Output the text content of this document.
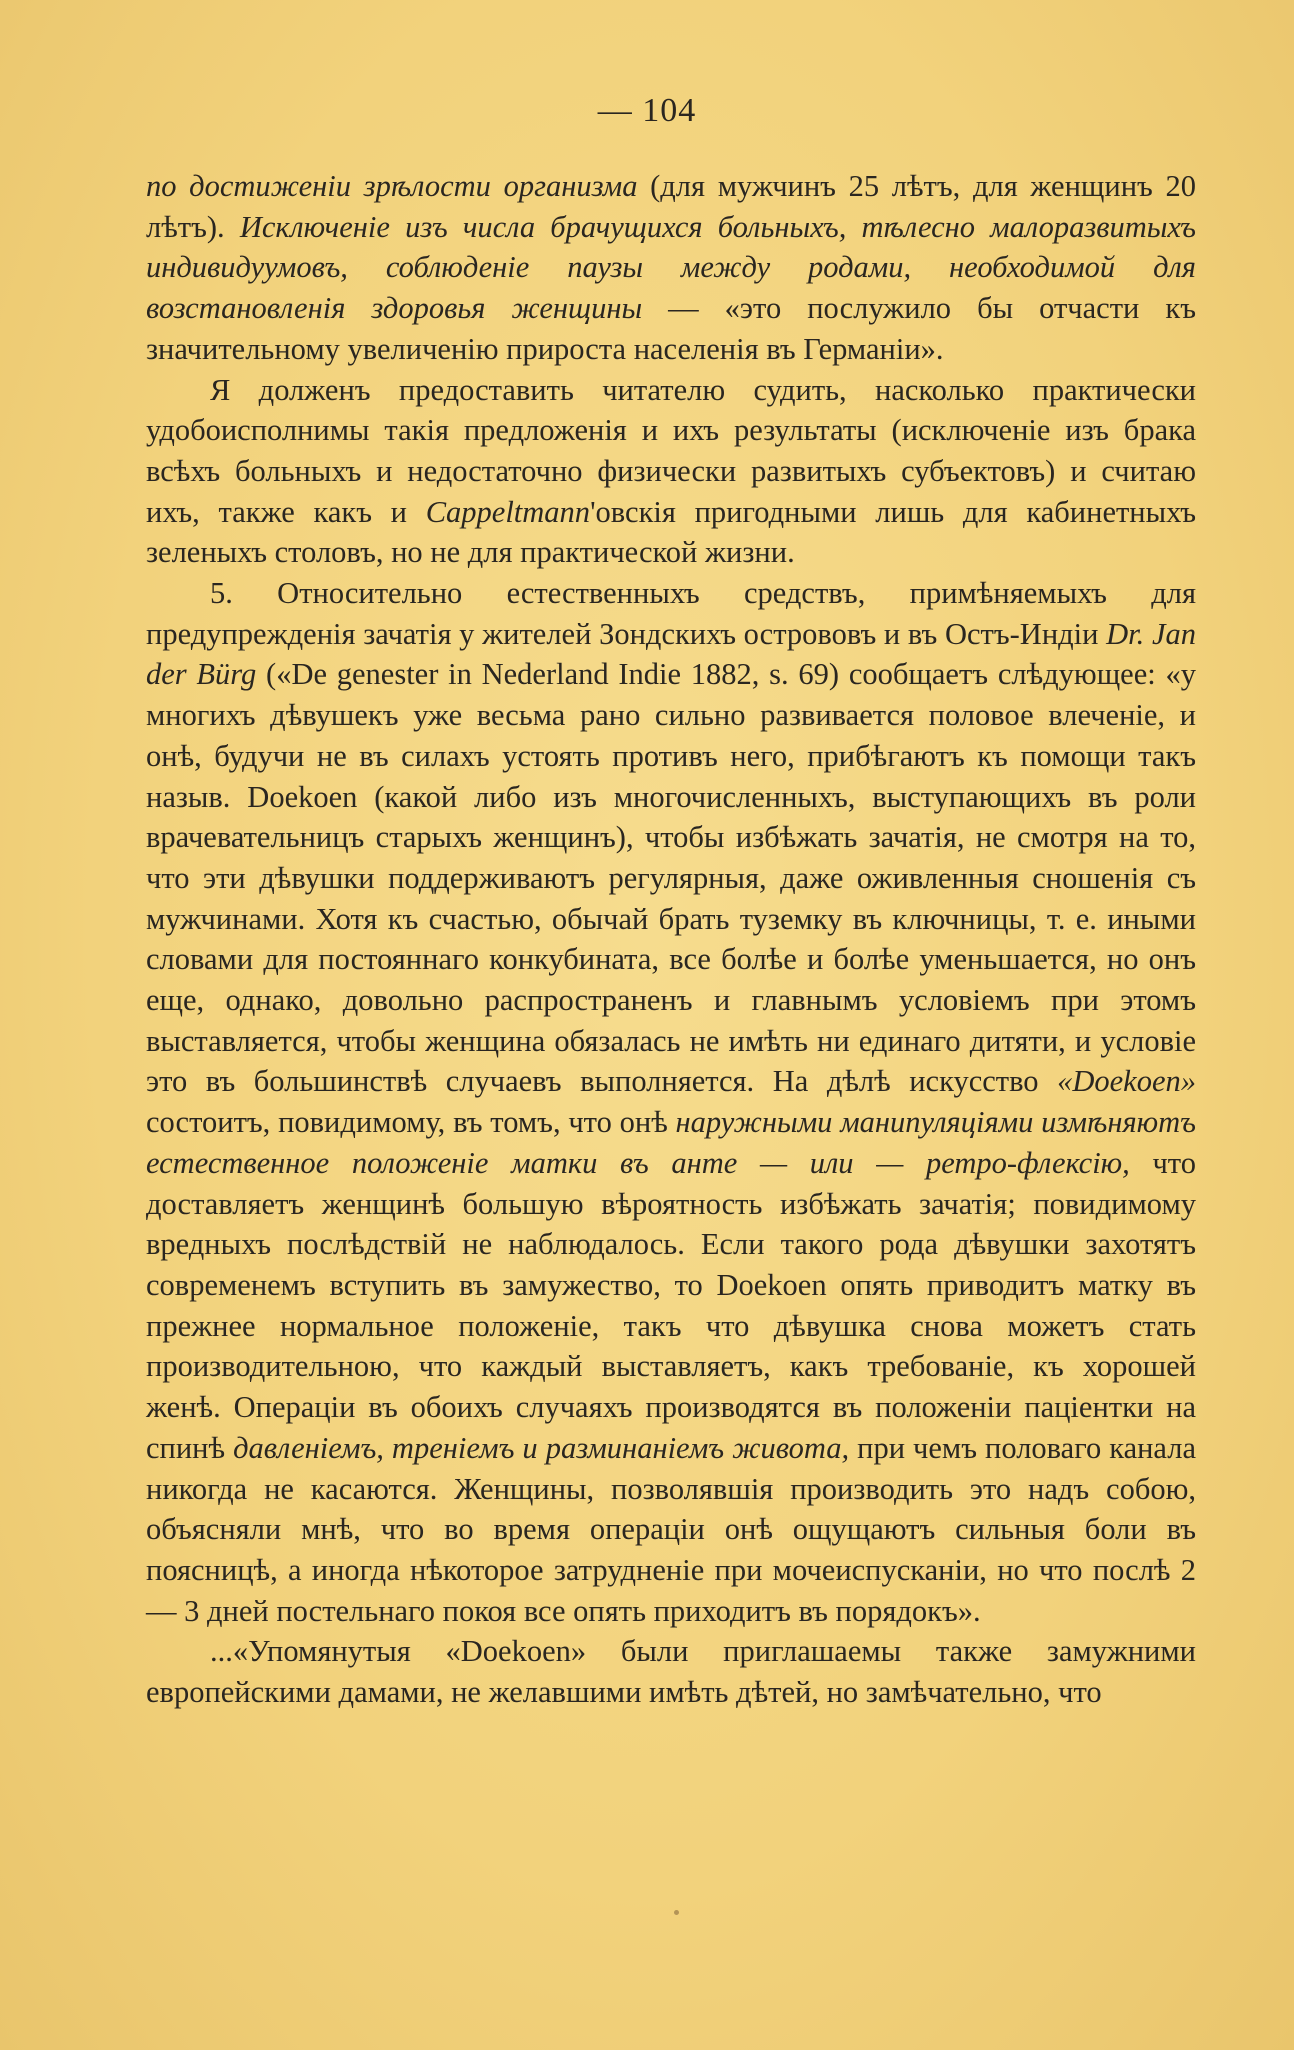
— 104

по достиженіи зрѣлости организма (для мужчинъ 25 лѣтъ, для женщинъ 20 лѣтъ). Исключеніе изъ числа брачущихся больныхъ, тѣлесно малоразвитыхъ индивидуумовъ, соблюденіе паузы между родами, необходимой для возстановленія здоровья женщины — «это послужило бы отчасти къ значительному увеличенію прироста населенія въ Германіи».

Я долженъ предоставить читателю судить, насколько практически удобоисполнимы такія предложенія и ихъ результаты (исключеніе изъ брака всѣхъ больныхъ и недостаточно физически развитыхъ субъектовъ) и считаю ихъ, также какъ и Cappeltmann'овскія пригодными лишь для кабинетныхъ зеленыхъ столовъ, но не для практической жизни.

5. Относительно естественныхъ средствъ, примѣняемыхъ для предупрежденія зачатія у жителей Зондскихъ острововъ и въ Остъ-Индіи Dr. Jan der Bürg («De genester in Nederland Indie 1882, s. 69) сообщаетъ слѣдующее: «у многихъ дѣвушекъ уже весьма рано сильно развивается половое влеченіе, и онѣ, будучи не въ силахъ устоять противъ него, прибѣгаютъ къ помощи такъ назыв. Doekoen (какой либо изъ многочисленныхъ, выступающихъ въ роли врачевательницъ старыхъ женщинъ), чтобы избѣжать зачатія, не смотря на то, что эти дѣвушки поддерживаютъ регулярныя, даже оживленныя сношенія съ мужчинами. Хотя къ счастью, обычай брать туземку въ ключницы, т. е. иными словами для постояннаго конкубината, все болѣе и болѣе уменьшается, но онъ еще, однако, довольно распространенъ и главнымъ условіемъ при этомъ выставляется, чтобы женщина обязалась не имѣть ни единаго дитяти, и условіе это въ большинствѣ случаевъ выполняется. На дѣлѣ искусство «Doekoen» состоитъ, повидимому, въ томъ, что онѣ наружными манипуляціями измѣняютъ естественное положеніе матки въ анте — или — ретро-флексію, что доставляетъ женщинѣ большую вѣроятность избѣжать зачатія; повидимому вредныхъ послѣдствій не наблюдалось. Если такого рода дѣвушки захотятъ современемъ вступить въ замужество, то Doekoen опять приводитъ матку въ прежнее нормальное положеніе, такъ что дѣвушка снова можетъ стать производительною, что каждый выставляетъ, какъ требованіе, къ хорошей женѣ. Операціи въ обоихъ случаяхъ производятся въ положеніи паціентки на спинѣ давленіемъ, треніемъ и разминаніемъ живота, при чемъ половаго канала никогда не касаются. Женщины, позволявшія производить это надъ собою, объясняли мнѣ, что во время операціи онѣ ощущаютъ сильныя боли въ поясницѣ, а иногда нѣкоторое затрудненіе при мочеиспусканіи, но что послѣ 2 — 3 дней постельнаго покоя все опять приходитъ въ порядокъ».

...«Упомянутыя «Doekoen» были приглашаемы также замужними европейскими дамами, не желавшими имѣть дѣтей, но замѣчательно, что
